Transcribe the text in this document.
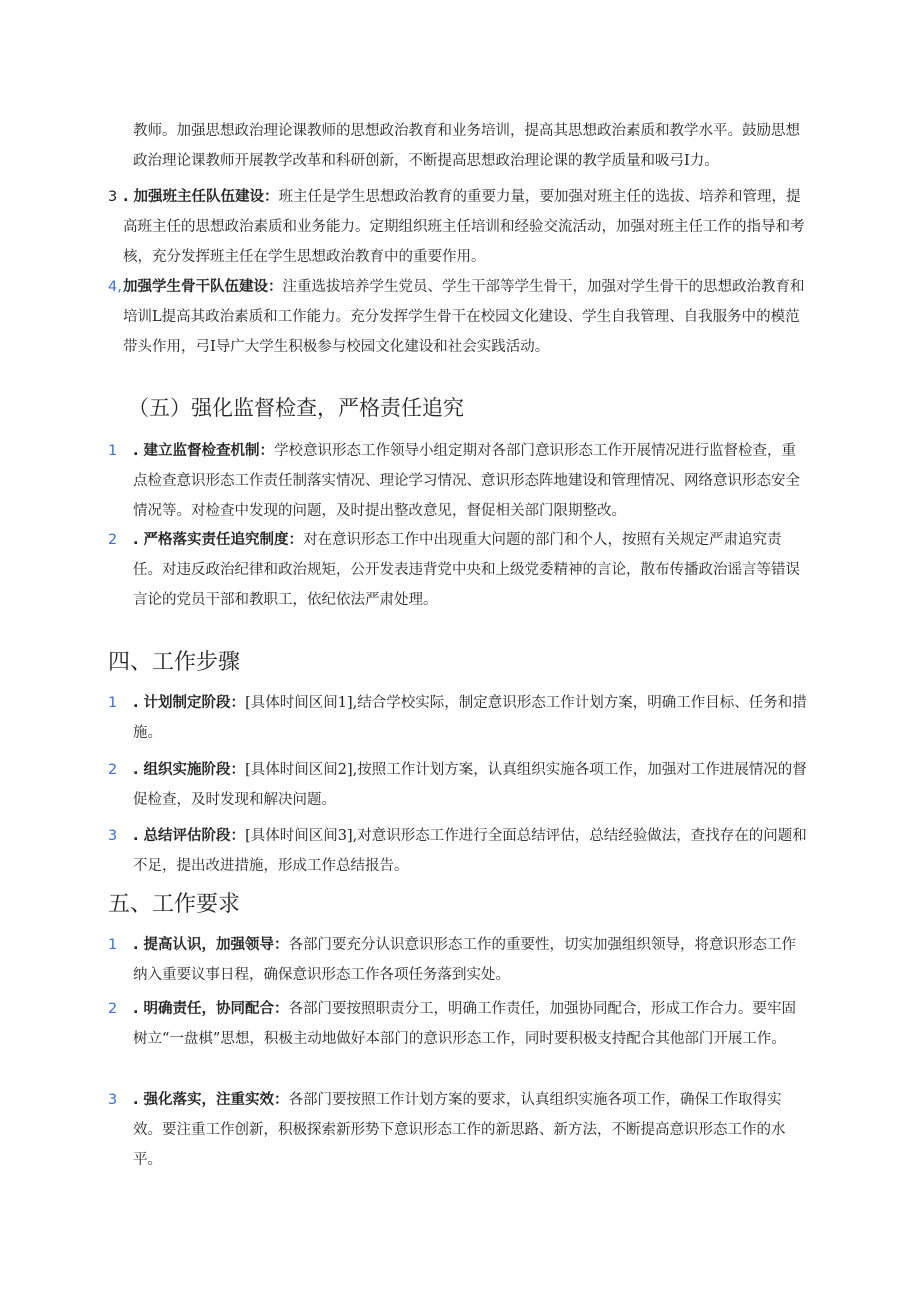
教师。加强思想政治理论课教师的思想政治教育和业务培训，提高其思想政治素质和教学水平。鼓励思想政治理论课教师开展教学改革和科研创新，不断提高思想政治理论课的教学质量和吸弓I力。

3 . 加强班主任队伍建设：班主任是学生思想政治教育的重要力量，要加强对班主任的选拔、培养和管理，提高班主任的思想政治素质和业务能力。定期组织班主任培训和经验交流活动，加强对班主任工作的指导和考核，充分发挥班主任在学生思想政治教育中的重要作用。
4, 加强学生骨干队伍建设：注重选拔培养学生党员、学生干部等学生骨干，加强对学生骨干的思想政治教育和培训L提高其政治素质和工作能力。充分发挥学生骨干在校园文化建设、学生自我管理、自我服务中的模范带头作用，弓I导广大学生积极参与校园文化建设和社会实践活动。
（五）强化监督检查，严格责任追究
1	. 建立监督检查机制：学校意识形态工作领导小组定期对各部门意识形态工作开展情况进行监督检查，重点检查意识形态工作责任制落实情况、理论学习情况、意识形态阵地建设和管理情况、网络意识形态安全情况等。对检查中发现的问题，及时提出整改意见，督促相关部门限期整改。
2	. 严格落实责任追究制度：对在意识形态工作中出现重大问题的部门和个人，按照有关规定严肃追究责任。对违反政治纪律和政治规矩，公开发表违背党中央和上级党委精神的言论，散布传播政治谣言等错误言论的党员干部和教职工，依纪依法严肃处理。
四、工作步骤
1	. 计划制定阶段：[具体时间区间1],结合学校实际，制定意识形态工作计划方案，明确工作目标、任务和措施。
2	. 组织实施阶段：[具体时间区间2],按照工作计划方案，认真组织实施各项工作，加强对工作进展情况的督促检查，及时发现和解决问题。
3	. 总结评估阶段：[具体时间区间3],对意识形态工作进行全面总结评估，总结经验做法，查找存在的问题和不足，提出改进措施，形成工作总结报告。
五、工作要求
1	. 提高认识，加强领导：各部门要充分认识意识形态工作的重要性，切实加强组织领导，将意识形态工作纳入重要议事日程，确保意识形态工作各项任务落到实处。
2	. 明确责任，协同配合：各部门要按照职责分工，明确工作责任，加强协同配合，形成工作合力。要牢固树立“一盘棋”思想，积极主动地做好本部门的意识形态工作，同时要积极支持配合其他部门开展工作。
3	. 强化落实，注重实效：各部门要按照工作计划方案的要求，认真组织实施各项工作，确保工作取得实效。要注重工作创新，积极探索新形势下意识形态工作的新思路、新方法，不断提高意识形态工作的水平。
